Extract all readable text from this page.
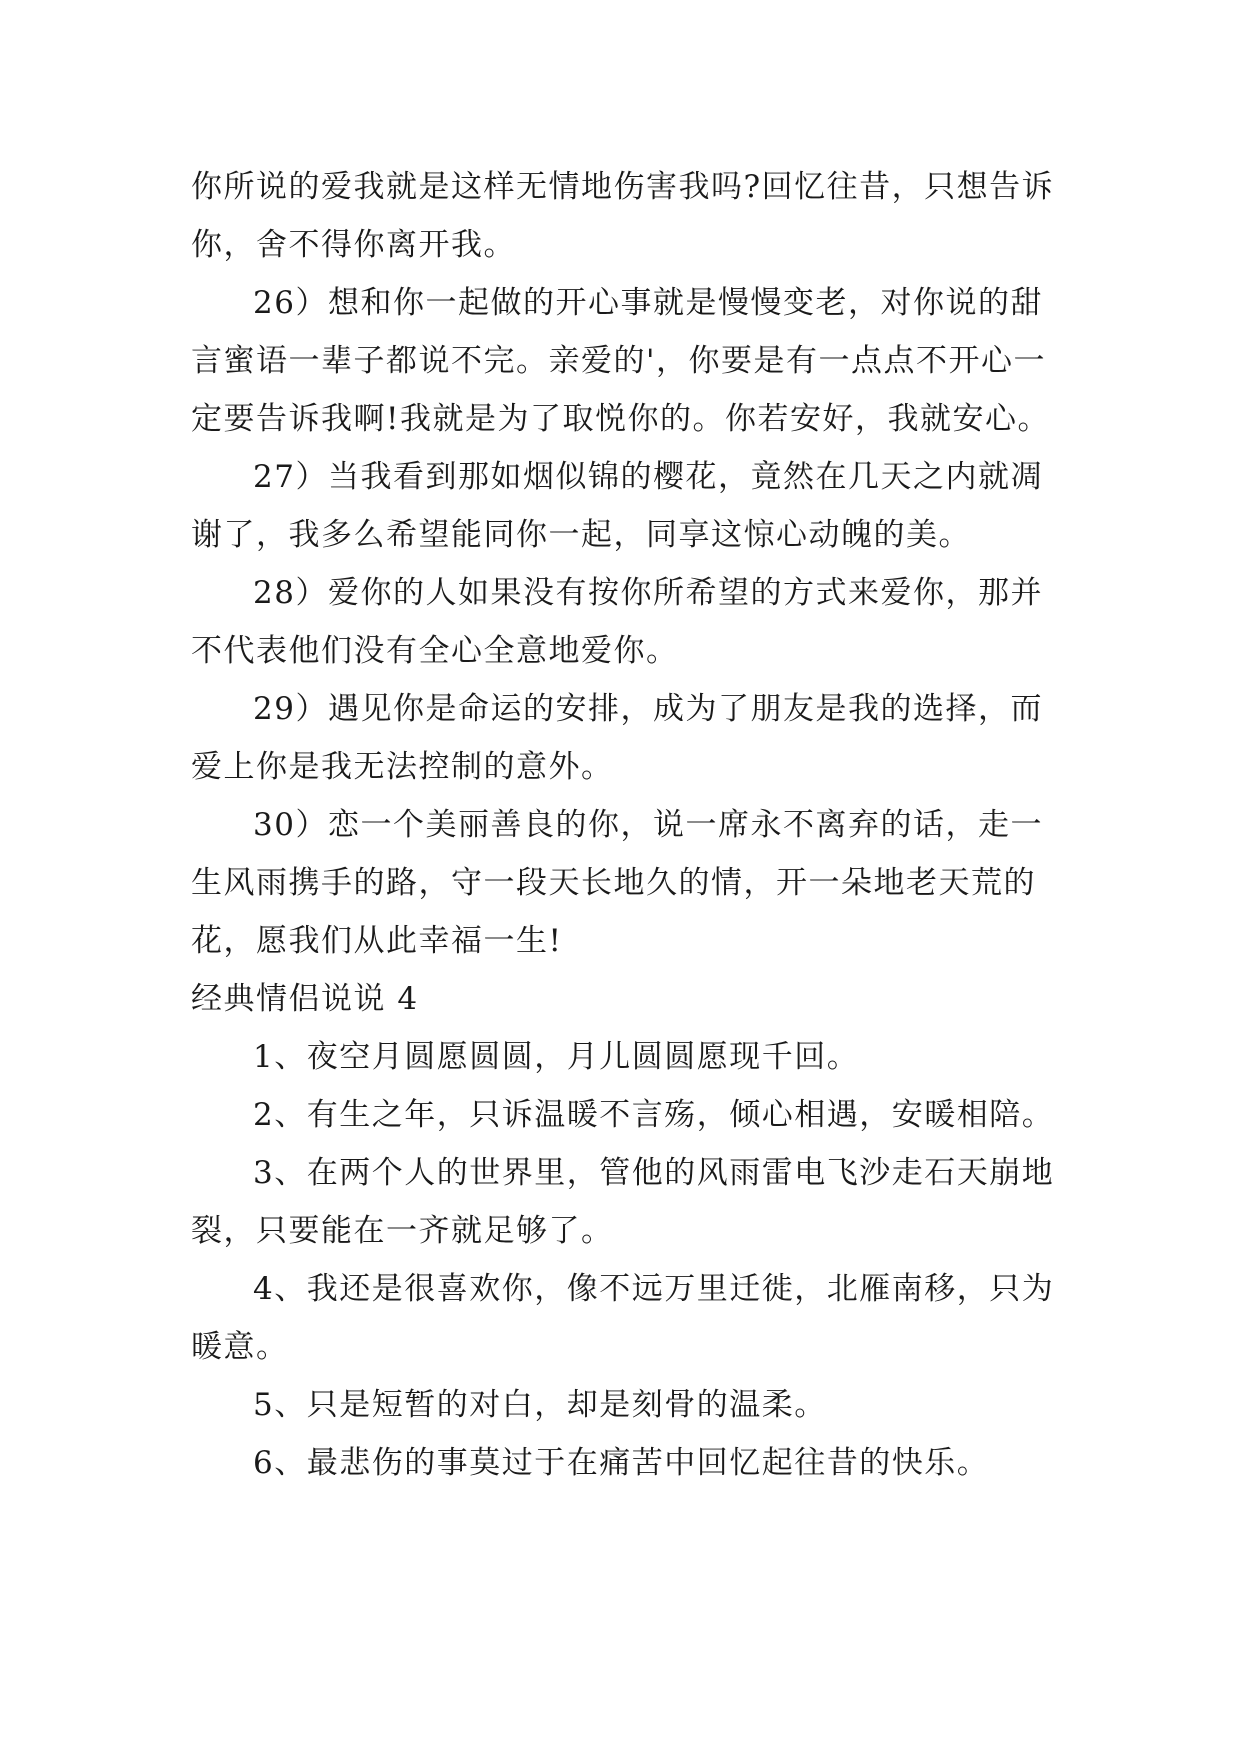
你所说的爱我就是这样无情地伤害我吗?回忆往昔，只想告诉你，舍不得你离开我。

26）想和你一起做的开心事就是慢慢变老，对你说的甜言蜜语一辈子都说不完。亲爱的'，你要是有一点点不开心一定要告诉我啊!我就是为了取悦你的。你若安好，我就安心。

27）当我看到那如烟似锦的樱花，竟然在几天之内就凋谢了，我多么希望能同你一起，同享这惊心动魄的美。

28）爱你的人如果没有按你所希望的方式来爱你，那并不代表他们没有全心全意地爱你。

29）遇见你是命运的安排，成为了朋友是我的选择，而爱上你是我无法控制的意外。

30）恋一个美丽善良的你，说一席永不离弃的话，走一生风雨携手的路，守一段天长地久的情，开一朵地老天荒的花，愿我们从此幸福一生!

经典情侣说说 4

1、夜空月圆愿圆圆，月儿圆圆愿现千回。

2、有生之年，只诉温暖不言殇，倾心相遇，安暖相陪。

3、在两个人的世界里，管他的风雨雷电飞沙走石天崩地裂，只要能在一齐就足够了。

4、我还是很喜欢你，像不远万里迁徙，北雁南移，只为暖意。

5、只是短暂的对白，却是刻骨的温柔。

6、最悲伤的事莫过于在痛苦中回忆起往昔的快乐。
